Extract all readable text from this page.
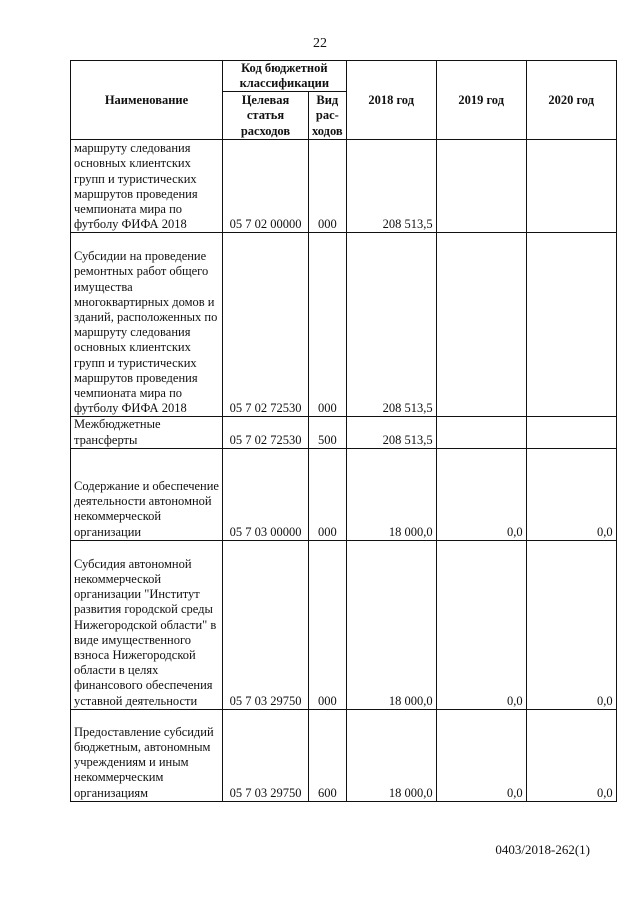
22
Наименование	Код бюджетной классификации		2018 год	2019 год	2020 год
	Целевая статья расходов	Вид рас-ходов			
маршруту следования основных клиентских групп и туристических маршрутов проведения чемпионата мира по футболу ФИФА 2018	05 7 02 00000	000	208 513,5		
Субсидии на проведение ремонтных работ общего имущества многоквартирных домов и зданий, расположенных по маршруту следования основных клиентских групп и туристических маршрутов проведения чемпионата мира по футболу ФИФА 2018	05 7 02 72530	000	208 513,5		
Межбюджетные трансферты	05 7 02 72530	500	208 513,5		
Содержание и обеспечение деятельности автономной некоммерческой организации	05 7 03 00000	000	18 000,0	0,0	0,0
Субсидия автономной некоммерческой организации "Институт развития городской среды Нижегородской области" в виде имущественного взноса Нижегородской области в целях финансового обеспечения уставной деятельности	05 7 03 29750	000	18 000,0	0,0	0,0
Предоставление субсидий бюджетным, автономным учреждениям и иным некоммерческим организациям	05 7 03 29750	600	18 000,0	0,0	0,0
0403/2018-262(1)
